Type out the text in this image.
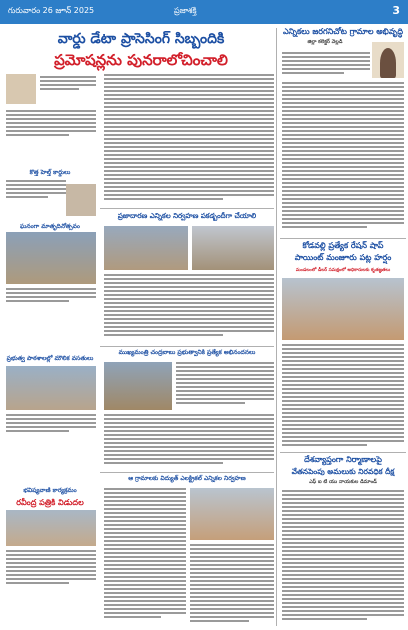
గురువారం 26 జూన్ 2025	ప్రజాశక్తి	3
వార్డు డేటా ప్రాసెసింగ్ సిబ్బందికి
ప్రమోషన్లను పునరాలోచించాలి
కొత్త హెల్త్ కార్డులు
ఘనంగా మాతృదినోత్సవం
ప్రభుత్వ పాఠశాలల్లో మౌలిక వసతులు
భవిష్యవాణి కార్యక్రమం
రవీంద్ర పత్రికి విడుదల
ప్రజాదారణ ఎన్నికల నిర్వహణ పకడ్బందీగా చేయాలి
ముఖ్యమంత్రి చంద్రబాబు ప్రభుత్వానికి ప్రత్యేక అభినందనలు
ఆ గ్రామాలకు విద్యుత్ ఎలక్ట్రికల్ ఎన్నికల నిర్వహణ
ఎన్నికలు జరగనిచోట గ్రామాల అభివృద్ధి
జిల్లా కలెక్టర్ వెల్లడి
కోడవల్లి ప్రత్యేక రేషన్ షాప్
పాయింట్ మంజూరు పట్ల హర్షం
మండలంలో డీలర్ సమక్షంలో అధికారులకు కృతజ్ఞతలు
దేశవ్యాప్తంగా నిర్మాణాలపై
వేతనపెంపు అమలుకు నిరవధిక దీక్ష
ఎఫ్ ఐ టి యు నాయకుల డిమాండ్
